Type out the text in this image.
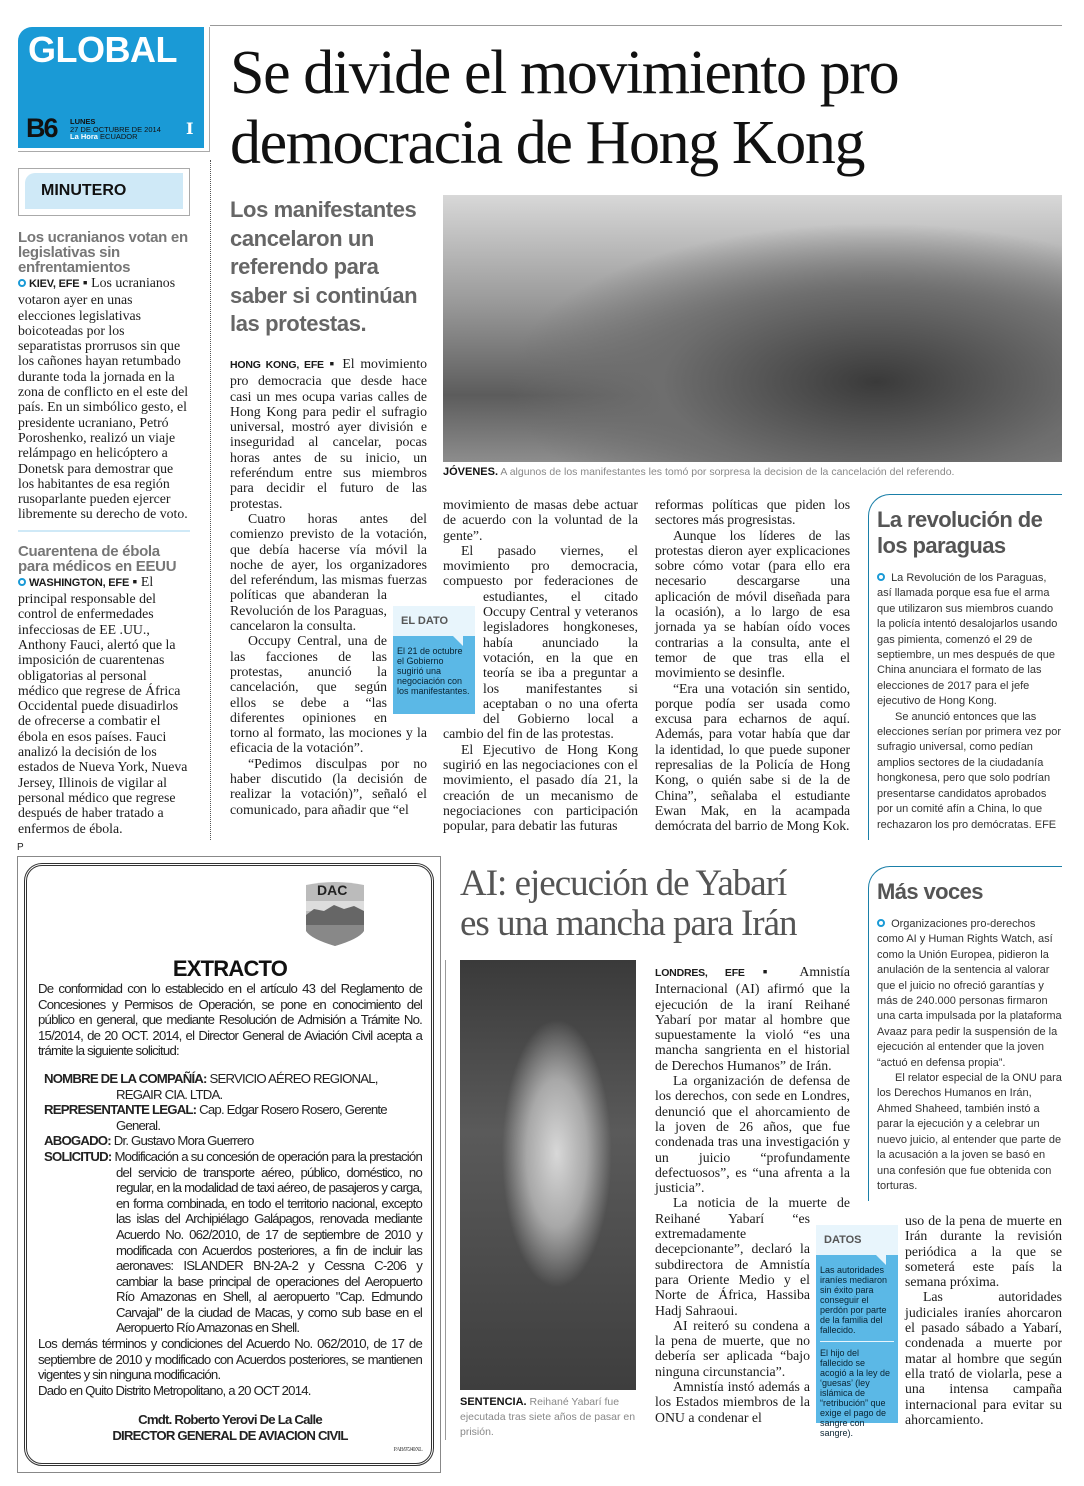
GLOBAL
B6 LUNES
27 DE OCTUBRE DE 2014
La Hora ECUADOR	I
Se divide el movimiento pro
democracia de Hong Kong
MINUTERO
Los ucranianos votan en legislativas sin enfrentamientos
KIEV, EFE ▪ Los ucranianos votaron ayer en unas elecciones legislativas boicoteadas por los separatistas prorrusos sin que los cañones hayan retumbado durante toda la jornada en la zona de conflicto en el este del país. En un simbólico gesto, el presidente ucraniano, Petró Poroshenko, realizó un viaje relámpago en helicóptero a Donetsk para demostrar que los habitantes de esa región rusoparlante pueden ejercer libremente su derecho de voto.
Cuarentena de ébola para médicos en EEUU
WASHINGTON, EFE ▪ El principal responsable del control de enfermedades infecciosas de EE .UU., Anthony Fauci, alertó que la imposición de cuarentenas obligatorias al personal médico que regrese de África Occidental puede disuadirlos de ofrecerse a combatir el ébola en esos países. Fauci analizó la decisión de los estados de Nueva York, Nueva Jersey, Illinois de vigilar al personal médico que regrese después de haber tratado a enfermos de ébola.
Los manifestantes cancelaron un referendo para saber si continúan las protestas.
JÓVENES. A algunos de los manifestantes les tomó por sorpresa la decision de la cancelación del referendo.

HONG KONG, EFE ▪ El movimiento pro democracia que desde hace casi un mes ocupa varias calles de Hong Kong para pedir el sufragio universal, mostró ayer división e inseguridad al cancelar, pocas horas antes de su inicio, un referéndum entre sus miembros para decidir el futuro de las protestas.

Cuatro horas antes del comienzo previsto de la votación, que debía hacerse vía móvil la noche de ayer, los organizadores del referéndum, las mismas fuerzas políticas que abanderan la Revolución de los Paraguas, cancelaron la consulta.

Occupy Central, una de las facciones de las protestas, anunció la cancelación, que según ellos se debe a “las diferentes opiniones en torno al formato, las mociones y la eficacia de la votación”.

“Pedimos disculpas por no haber discutido (la decisión de realizar la votación)”, señaló el comunicado, para añadir que “el

movimiento de masas debe actuar de acuerdo con la voluntad de la gente”.

El pasado viernes, el movimiento pro democracia, compuesto por federaciones de estudiantes, el citado Occupy Central y veteranos legisladores hongkoneses, había anunciado la votación, en la que en teoría se iba a preguntar a los manifestantes si aceptaban o no una oferta del Gobierno local a cambio del fin de las protestas.

El Ejecutivo de Hong Kong sugirió en las negociaciones con el movimiento, el pasado día 21, la creación de un mecanismo de negociaciones con participación popular, para debatir las futuras

EL DATO
El 21 de octubre el Gobierno sugirió una negociación con los manifestantes.

reformas políticas que piden los sectores más progresistas.

Aunque los líderes de las protestas dieron ayer explicaciones sobre cómo votar (para ello era necesario descargarse una aplicación de móvil diseñada para la ocasión), a lo largo de esa jornada ya se habían oído voces contrarias a la consulta, ante el temor de que tras ella el movimiento se desinfle.

“Era una votación sin sentido, porque podía ser usada como excusa para echarnos de aquí. Además, para votar había que dar la identidad, lo que puede suponer represalias de la Policía de Hong Kong, o quién sabe si de la de China”, señalaba el estudiante Ewan Mak, en la acampada demócrata del barrio de Mong Kok.

La revolución de los paraguas

La Revolución de los Paraguas, así llamada porque esa fue el arma que utilizaron sus miembros cuando la policía intentó desalojarlos usando gas pimienta, comenzó el 29 de septiembre, un mes después de que China anunciara el formato de las elecciones de 2017 para el jefe ejecutivo de Hong Kong.

Se anunció entonces que las elecciones serían por primera vez por sufragio universal, como pedían amplios sectores de la ciudadanía hongkonesa, pero que solo podrían presentarse candidatos aprobados por un comité afín a China, lo que rechazaron los pro demócratas. EFE

P
DAC
EXTRACTO
De conformidad con lo establecido en el artículo 43 del Reglamento de Concesiones y Permisos de Operación, se pone en conocimiento del público en general, que mediante Resolución de Admisión a Trámite No. 15/2014, de 20 OCT. 2014, el Director General de Aviación Civil acepta a trámite la siguiente solicitud:
NOMBRE DE LA COMPAÑÍA: SERVICIO AÉREO REGIONAL, REGAIR CIA. LTDA.
REPRESENTANTE LEGAL: Cap. Edgar Rosero Rosero, Gerente General.
ABOGADO: Dr. Gustavo Mora Guerrero
SOLICITUD: Modificación a su concesión de operación para la prestación del servicio de transporte aéreo, público, doméstico, no regular, en la modalidad de taxi aéreo, de pasajeros y carga, en forma combinada, en todo el territorio nacional, excepto las islas del Archipiélago Galápagos, renovada mediante Acuerdo No. 062/2010, de 17 de septiembre de 2010 y modificada con Acuerdos posteriores, a fin de incluir las aeronaves: ISLANDER BN-2A-2 y Cessna C-206 y cambiar la base principal de operaciones del Aeropuerto Río Amazonas en Shell, al aeropuerto "Cap. Edmundo Carvajal" de la ciudad de Macas, y como sub base en el Aeropuerto Río Amazonas en Shell.
Los demás términos y condiciones del Acuerdo No. 062/2010, de 17 de septiembre de 2010 y modificado con Acuerdos posteriores, se mantienen vigentes y sin ninguna modificación.
Dado en Quito Distrito Metropolitano, a 20 OCT 2014.
Cmdt. Roberto Yerovi De La Calle
DIRECTOR GENERAL DE AVIACION CIVIL
P AB/97240/XL
AI: ejecución de Yabarí
es una mancha para Irán
SENTENCIA. Reihané Yabarí fue ejecutada tras siete años de pasar en prisión.

LONDRES, EFE ▪ Amnistía Internacional (AI) afirmó que la ejecución de la iraní Reihané Yabarí por matar al hombre que supuestamente la violó “es una mancha sangrienta en el historial de Derechos Humanos” de Irán.

La organización de defensa de los derechos, con sede en Londres, denunció que el ahorcamiento de la joven de 26 años, que fue condenada tras una investigación y un juicio “profundamente defectuosos”, es “una afrenta a la justicia”.

La noticia de la muerte de Reihané Yabarí “es extremadamente decepcionante”, declaró la subdirectora de Amnistía para Oriente Medio y el Norte de África, Hassiba Hadj Sahraoui.

AI reiteró su condena a la pena de muerte, que no debería ser aplicada “bajo ninguna circunstancia”.

Amnistía instó además a los Estados miembros de la ONU a condenar el

DATOS
Las autoridades iraníes mediaron sin éxito para conseguir el perdón por parte de la familia del fallecido.
El hijo del fallecido se acogió a la ley de ‘guesas’ (ley islámica de “retribución” que exige el pago de sangre con sangre).

uso de la pena de muerte en Irán durante la revisión periódica a la que se someterá este país la semana próxima.

Las autoridades judiciales iraníes ahorcaron el pasado sábado a Yabarí, condenada a muerte por matar al hombre que según ella trató de violarla, pese a una intensa campaña internacional para evitar su ahorcamiento.

Más voces

Organizaciones pro-derechos como AI y Human Rights Watch, así como la Unión Europea, pidieron la anulación de la sentencia al valorar que el juicio no ofreció garantías y más de 240.000 personas firmaron una carta impulsada por la plataforma Avaaz para pedir la suspensión de la ejecución al entender que la joven “actuó en defensa propia”.

El relator especial de la ONU para los Derechos Humanos en Irán, Ahmed Shaheed, también instó a parar la ejecución y a celebrar un nuevo juicio, al entender que parte de la acusación a la joven se basó en una confesión que fue obtenida con torturas.
